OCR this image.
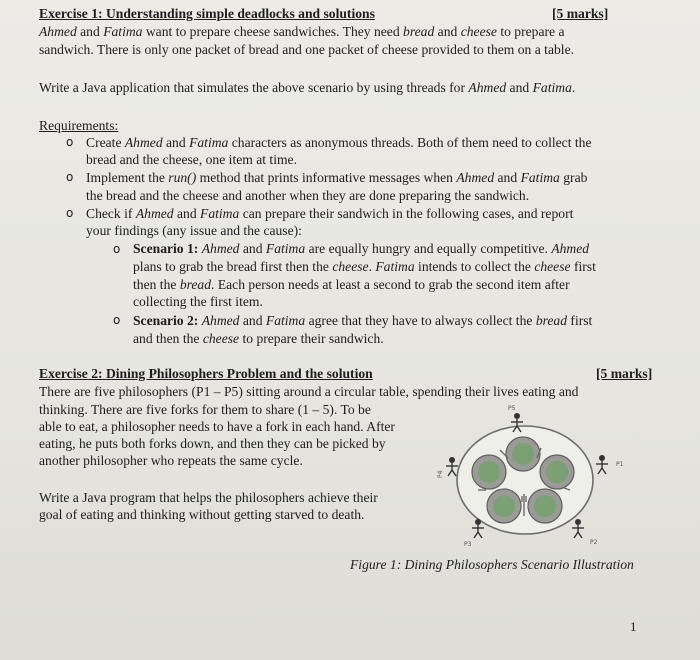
Exercise 1: Understanding simple deadlocks and solutions	[5 marks]
Ahmed and Fatima want to prepare cheese sandwiches. They need bread and cheese to prepare a
sandwich. There is only one packet of bread and one packet of cheese provided to them on a table.
Write a Java application that simulates the above scenario by using threads for Ahmed and Fatima.
Requirements:
o Create Ahmed and Fatima characters as anonymous threads. Both of them need to collect the
bread and the cheese, one item at time.
o Implement the run() method that prints informative messages when Ahmed and Fatima grab
the bread and the cheese and another when they are done preparing the sandwich.
o Check if Ahmed and Fatima can prepare their sandwich in the following cases, and report
your findings (any issue and the cause):
o Scenario 1: Ahmed and Fatima are equally hungry and equally competitive. Ahmed
plans to grab the bread first then the cheese. Fatima intends to collect the cheese first
then the bread. Each person needs at least a second to grab the second item after
collecting the first item.
o Scenario 2: Ahmed and Fatima agree that they have to always collect the bread first
and then the cheese to prepare their sandwich.
Exercise 2: Dining Philosophers Problem and the solution	[5 marks]
There are five philosophers (P1 – P5) sitting around a circular table, spending their lives eating and
thinking. There are five forks for them to share (1 – 5). To be
able to eat, a philosopher needs to have a fork in each hand. After
eating, he puts both forks down, and then they can be picked by
another philosopher who repeats the same cycle.
Write a Java program that helps the philosophers achieve their
goal of eating and thinking without getting starved to death.
P5
P1
P4
P3	P2
Figure 1: Dining Philosophers Scenario Illustration
1
